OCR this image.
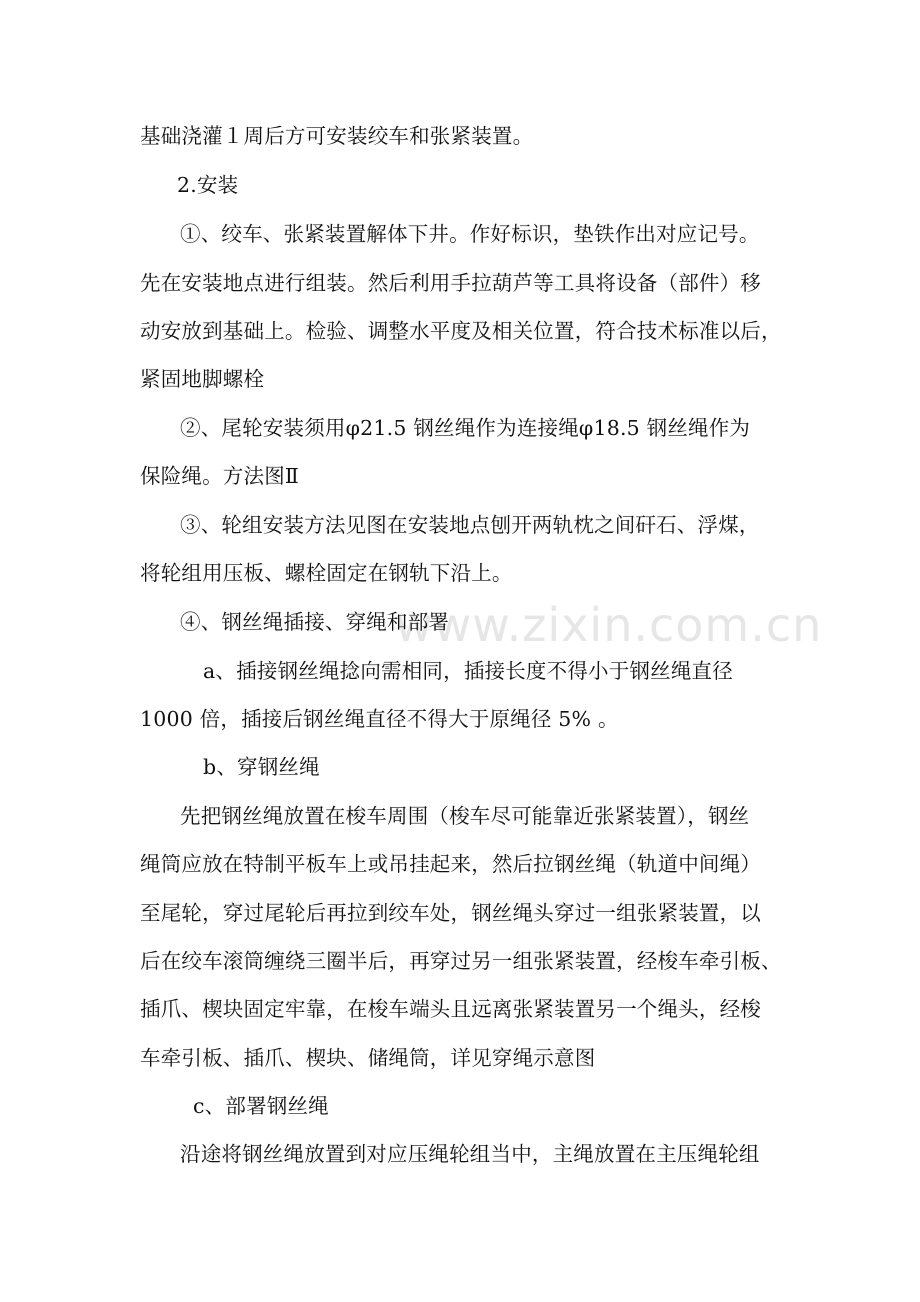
www.zixin.com.cn
基础浇灌１周后方可安装绞车和张紧装置。
2.安装
①、绞车、张紧装置解体下井。作好标识，垫铁作出对应记号。
先在安装地点进行组装。然后利用手拉葫芦等工具将设备（部件）移
动安放到基础上。检验、调整水平度及相关位置，符合技术标准以后，
紧固地脚螺栓
②、尾轮安装须用φ21.5 钢丝绳作为连接绳φ18.5 钢丝绳作为
保险绳。方法图Ⅱ
③、轮组安装方法见图在安装地点刨开两轨枕之间矸石、浮煤，
将轮组用压板、螺栓固定在钢轨下沿上。
④、钢丝绳插接、穿绳和部署
a、插接钢丝绳捻向需相同，插接长度不得小于钢丝绳直径
1000 倍，插接后钢丝绳直径不得大于原绳径 5% 。
b、穿钢丝绳
先把钢丝绳放置在梭车周围（梭车尽可能靠近张紧装置），钢丝
绳筒应放在特制平板车上或吊挂起来，然后拉钢丝绳（轨道中间绳）
至尾轮，穿过尾轮后再拉到绞车处，钢丝绳头穿过一组张紧装置，以
后在绞车滚筒缠绕三圈半后，再穿过另一组张紧装置，经梭车牵引板、
插爪、楔块固定牢靠，在梭车端头且远离张紧装置另一个绳头，经梭
车牵引板、插爪、楔块、储绳筒，详见穿绳示意图
c、部署钢丝绳
沿途将钢丝绳放置到对应压绳轮组当中，主绳放置在主压绳轮组
